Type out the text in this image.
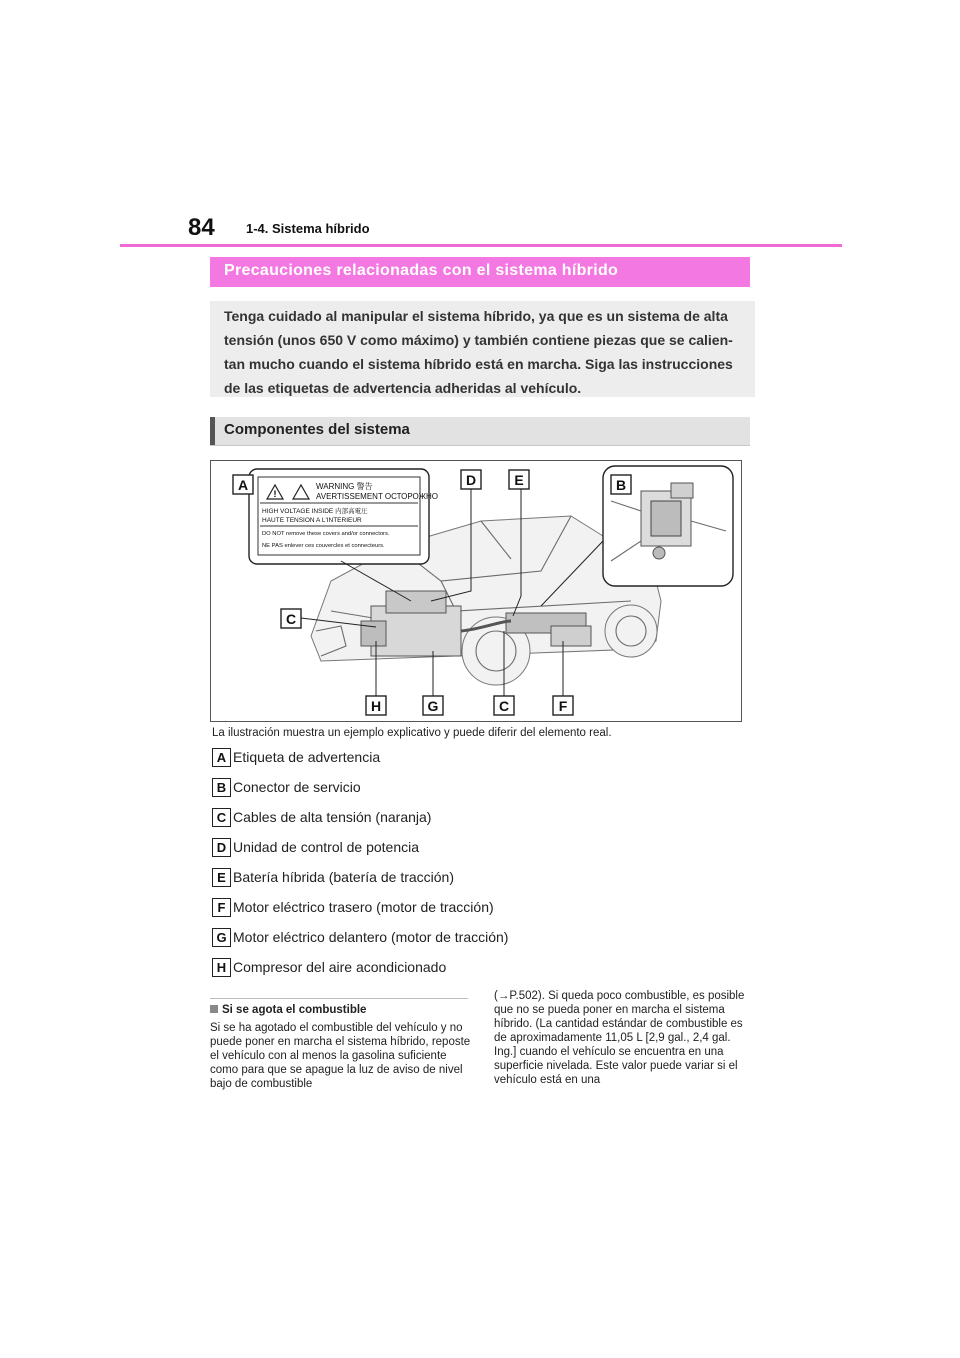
84 1-4. Sistema híbrido
Precauciones relacionadas con el sistema híbrido

Tenga cuidado al manipular el sistema híbrido, ya que es un sistema de alta tensión (unos 650 V como máximo) y también contiene piezas que se calien-tan mucho cuando el sistema híbrido está en marcha. Siga las instrucciones de las etiquetas de advertencia adheridas al vehículo.

Componentes del sistema
!
WARNING 警告
AVERTISSEMENT ОСТОРОЖНО
HIGH VOLTAGE INSIDE 内部高電圧
HAUTE TENSION A L'INTERIEUR
DO NOT remove these covers and/or connectors.
NE PAS enlever ces couvercles et connecteurs.
A	B
C
D	E
C	F
G
H
La ilustración muestra un ejemplo explicativo y puede diferir del elemento real.
A Etiqueta de advertencia
B Conector de servicio
C Cables de alta tensión (naranja)
D Unidad de control de potencia
E Batería híbrida (batería de tracción)
F Motor eléctrico trasero (motor de tracción)
G Motor eléctrico delantero (motor de tracción)
H Compresor del aire acondicionado
Si se agota el combustible

Si se ha agotado el combustible del vehículo y no puede poner en marcha el sistema híbrido, reposte el vehículo con al menos la gasolina suficiente como para que se apague la luz de aviso de nivel bajo de combustible

(→P.502). Si queda poco combustible, es posible que no se pueda poner en marcha el sistema híbrido. (La cantidad estándar de combustible es de aproximadamente 11,05 L [2,9 gal., 2,4 gal. Ing.] cuando el vehículo se encuentra en una superficie nivelada. Este valor puede variar si el vehículo está en una
